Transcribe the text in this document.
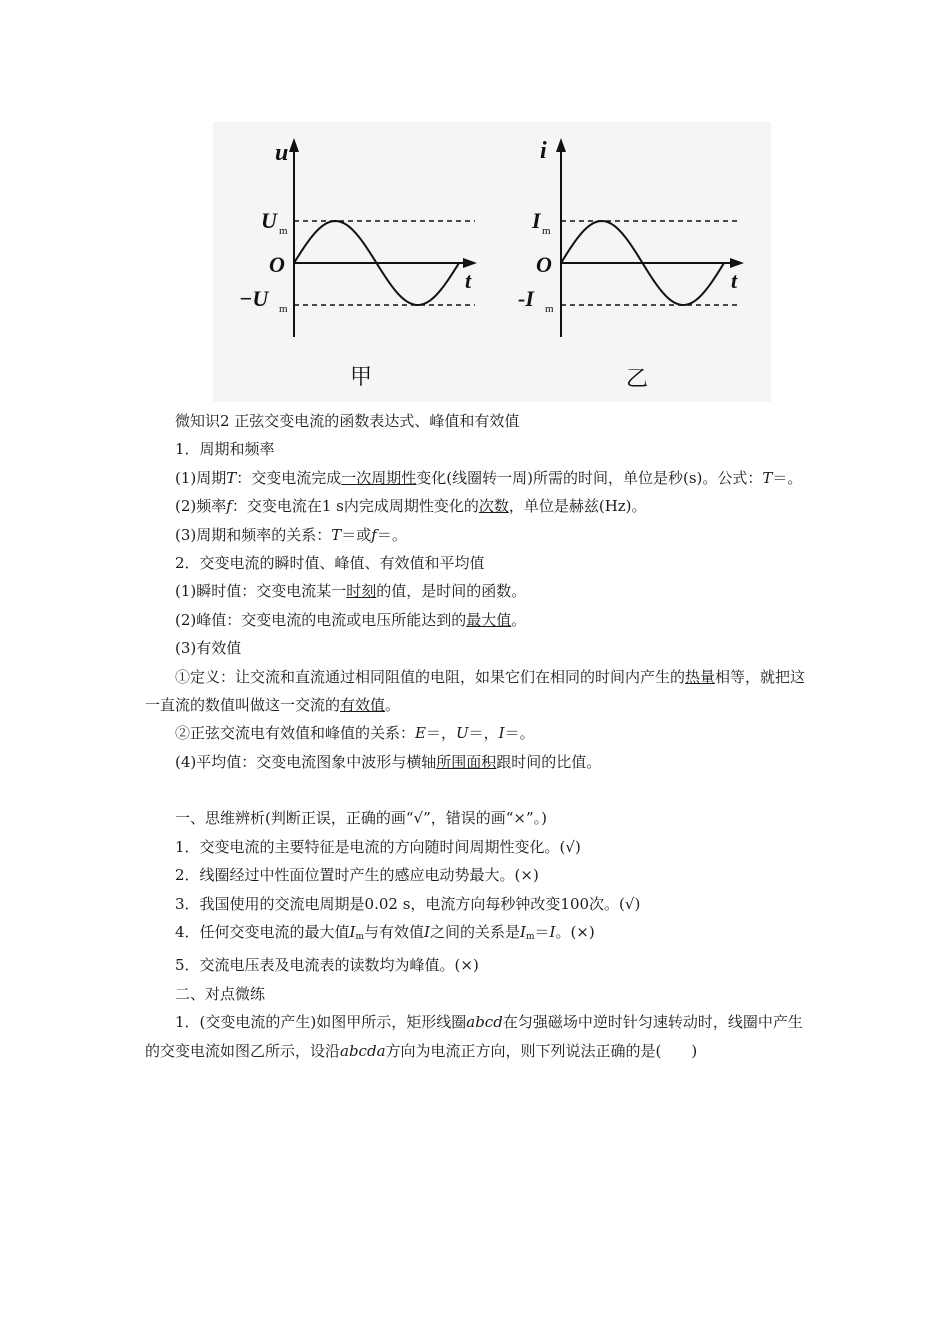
u
t
O
U m
−U m
甲
i
t
O
I m
-I m
乙

微知识2 正弦交变电流的函数表达式、峰值和有效值

1．周期和频率

(1)周期T：交变电流完成一次周期性变化(线圈转一周)所需的时间，单位是秒(s)。公式：T＝。

(2)频率f：交变电流在1 s内完成周期性变化的次数，单位是赫兹(Hz)。

(3)周期和频率的关系：T＝或f＝。

2．交变电流的瞬时值、峰值、有效值和平均值

(1)瞬时值：交变电流某一时刻的值，是时间的函数。

(2)峰值：交变电流的电流或电压所能达到的最大值。

(3)有效值

①定义：让交流和直流通过相同阻值的电阻，如果它们在相同的时间内产生的热量相等，就把这一直流的数值叫做这一交流的有效值。

②正弦交流电有效值和峰值的关系：E＝，U＝，I＝。

(4)平均值：交变电流图象中波形与横轴所围面积跟时间的比值。

一、思维辨析(判断正误，正确的画“√”，错误的画“×”。)

1．交变电流的主要特征是电流的方向随时间周期性变化。(√)

2．线圈经过中性面位置时产生的感应电动势最大。(×)

3．我国使用的交流电周期是0.02 s，电流方向每秒钟改变100次。(√)

4．任何交变电流的最大值$I_m$与有效值I之间的关系是$I_m=I$。(×)

5．交流电压表及电流表的读数均为峰值。(×)

二、对点微练

1．(交变电流的产生)如图甲所示，矩形线圈abcd在匀强磁场中逆时针匀速转动时，线圈中产生的交变电流如图乙所示，设沿abcda方向为电流正方向，则下列说法正确的是(　　)
